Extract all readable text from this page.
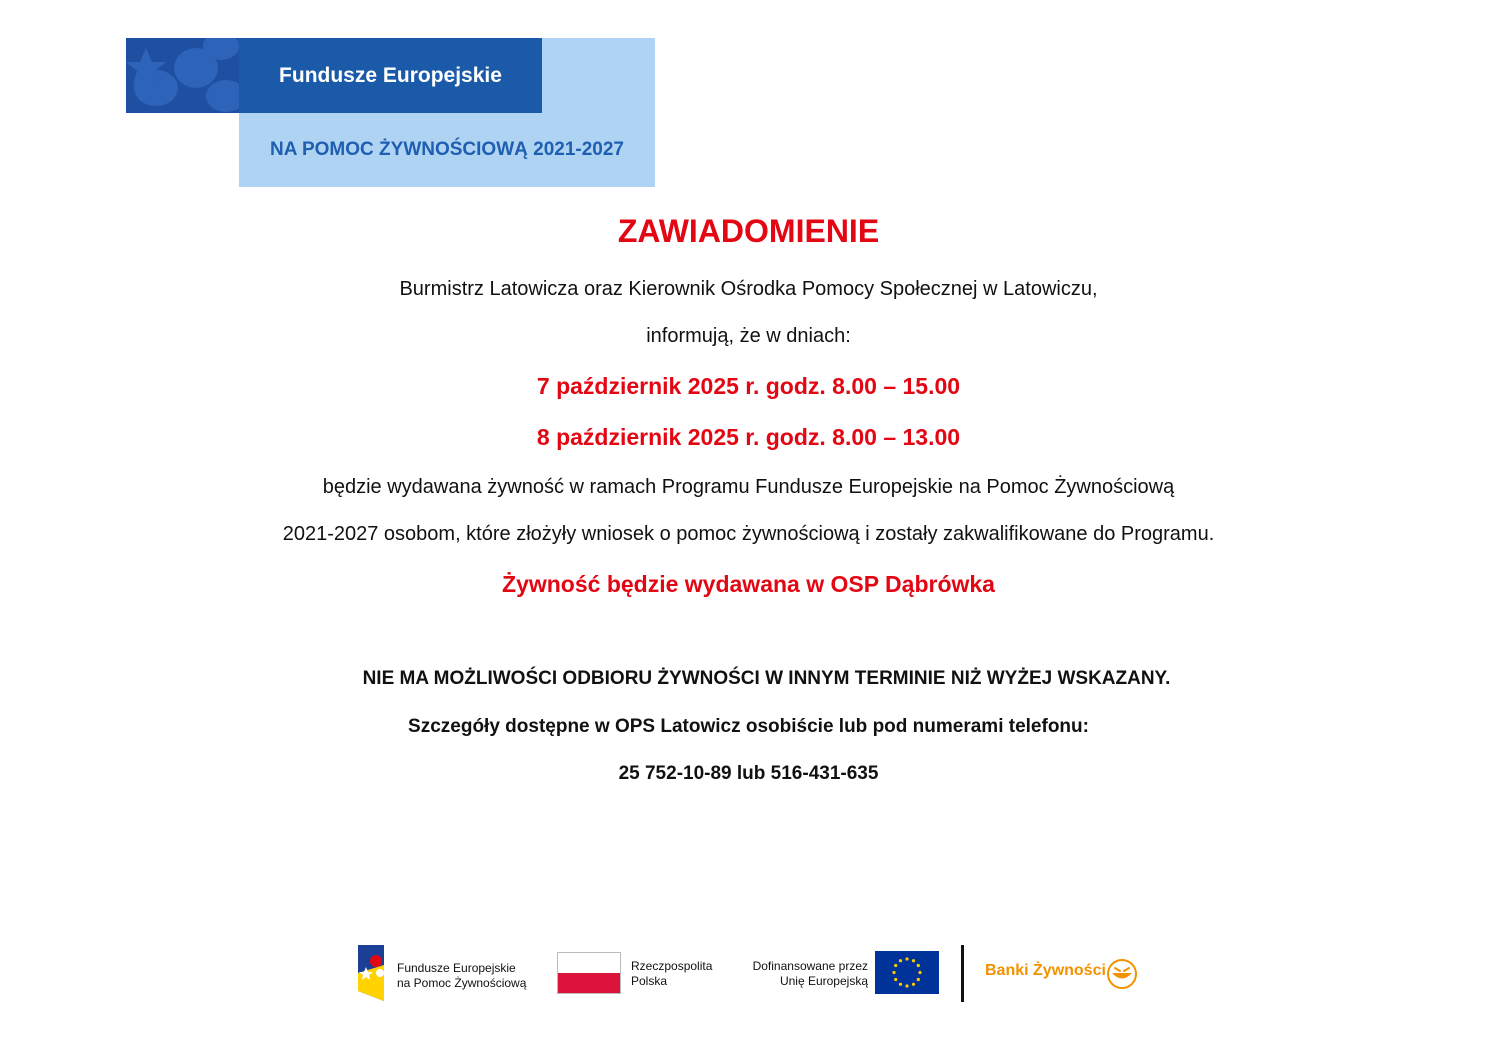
Fundusze Europejskie
NA POMOC ŻYWNOŚCIOWĄ 2021-2027
ZAWIADOMIENIE
Burmistrz Latowicza oraz Kierownik Ośrodka Pomocy Społecznej w Latowiczu,
informują, że w dniach:
7 październik 2025 r. godz. 8.00 – 15.00
8 październik 2025 r. godz. 8.00 – 13.00
będzie wydawana żywność w ramach Programu Fundusze Europejskie na Pomoc Żywnościową
2021-2027 osobom, które złożyły wniosek o pomoc żywnościową i zostały zakwalifikowane do Programu.
Żywność będzie wydawana w OSP Dąbrówka
NIE MA MOŻLIWOŚCI ODBIORU ŻYWNOŚCI W INNYM TERMINIE NIŻ WYŻEJ WSKAZANY.
Szczegóły dostępne w OPS Latowicz osobiście lub pod numerami telefonu:
25 752-10-89 lub 516-431-635
Fundusze Europejskie
na Pomoc Żywnościową
Rzeczpospolita
Polska
Dofinansowane przez
Unię Europejską
Banki Żywności
